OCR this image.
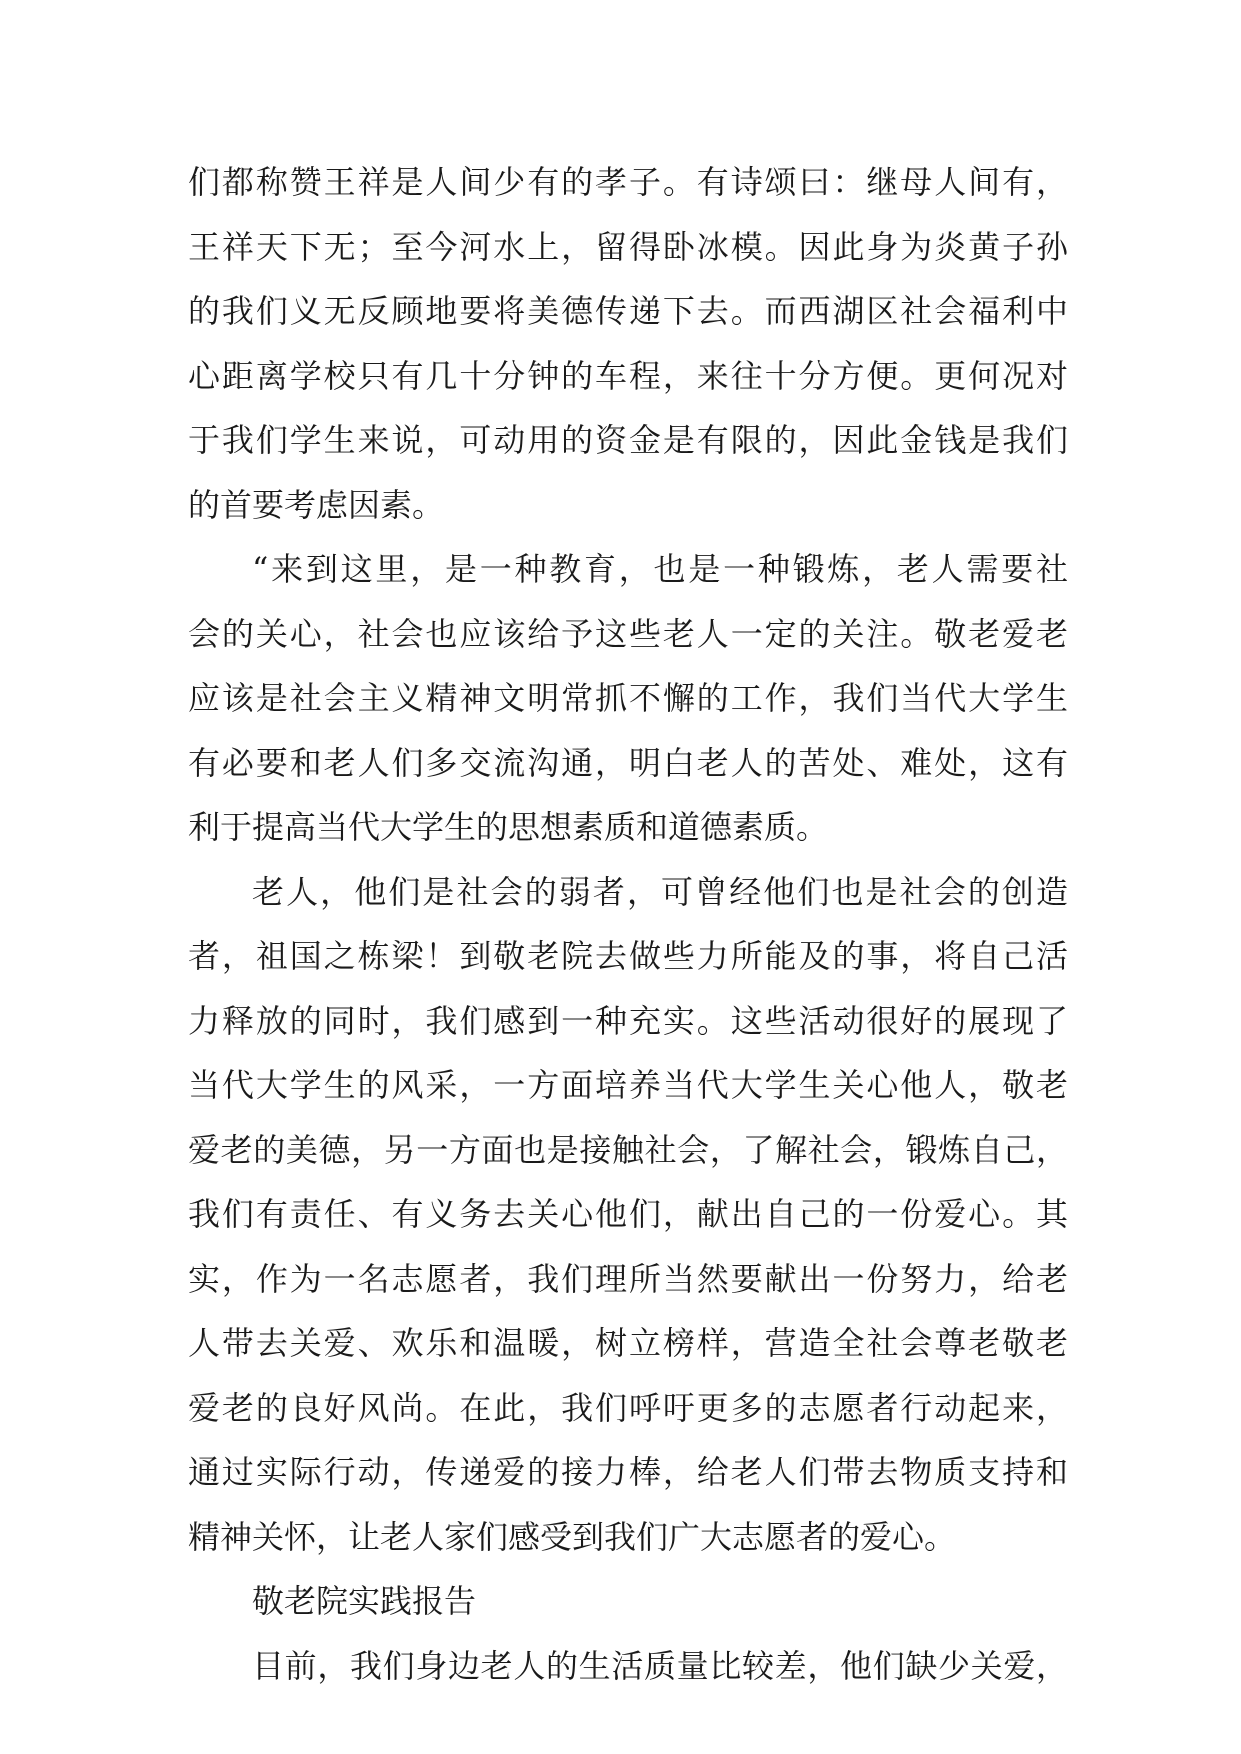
们都称赞王祥是人间少有的孝子。有诗颂曰：继母人间有，
王祥天下无；至今河水上，留得卧冰模。因此身为炎黄子孙
的我们义无反顾地要将美德传递下去。而西湖区社会福利中
心距离学校只有几十分钟的车程，来往十分方便。更何况对
于我们学生来说，可动用的资金是有限的，因此金钱是我们
的首要考虑因素。
“来到这里，是一种教育，也是一种锻炼，老人需要社
会的关心，社会也应该给予这些老人一定的关注。敬老爱老
应该是社会主义精神文明常抓不懈的工作，我们当代大学生
有必要和老人们多交流沟通，明白老人的苦处、难处，这有
利于提高当代大学生的思想素质和道德素质。
老人，他们是社会的弱者，可曾经他们也是社会的创造
者，祖国之栋梁！到敬老院去做些力所能及的事，将自己活
力释放的同时，我们感到一种充实。这些活动很好的展现了
当代大学生的风采，一方面培养当代大学生关心他人，敬老
爱老的美德，另一方面也是接触社会，了解社会，锻炼自己，
我们有责任、有义务去关心他们，献出自己的一份爱心。其
实，作为一名志愿者，我们理所当然要献出一份努力，给老
人带去关爱、欢乐和温暖，树立榜样，营造全社会尊老敬老
爱老的良好风尚。在此，我们呼吁更多的志愿者行动起来，
通过实际行动，传递爱的接力棒，给老人们带去物质支持和
精神关怀，让老人家们感受到我们广大志愿者的爱心。
敬老院实践报告
目前，我们身边老人的生活质量比较差，他们缺少关爱，
